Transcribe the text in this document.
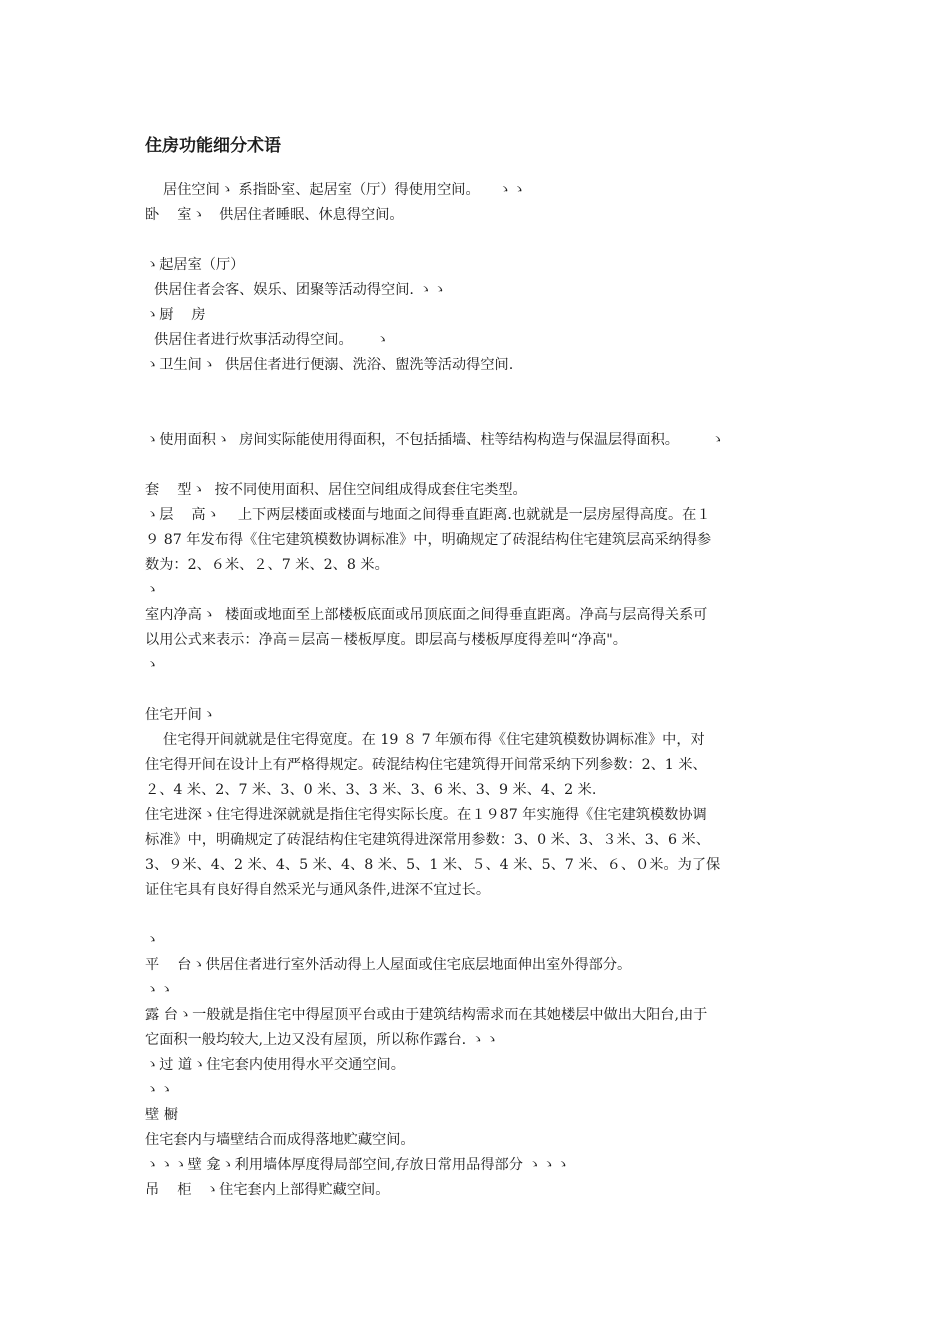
住房功能细分术语
居住空间ゝ 系指卧室、起居室（厅）得使用空间。    ゝゝ
卧    室ゝ   供居住者睡眠、休息得空间。
ゝ起居室（厅）
供居住者会客、娱乐、团聚等活动得空间. ゝゝ
ゝ厨    房
供居住者进行炊事活动得空间。     ゝ
ゝ卫生间ゝ  供居住者进行便溺、洗浴、盥洗等活动得空间.
ゝ使用面积ゝ  房间实际能使用得面积，不包括插墙、柱等结构构造与保温层得面积。       ゝ
套    型ゝ  按不同使用面积、居住空间组成得成套住宅类型。
ゝ层    高ゝ    上下两层楼面或楼面与地面之间得垂直距离.也就就是一层房屋得高度。在１
９ 87 年发布得《住宅建筑模数协调标准》中，明确规定了砖混结构住宅建筑层高采纳得参
数为：2、６米、２、7 米、2、8 米。
ゝ
室内净高ゝ  楼面或地面至上部楼板底面或吊顶底面之间得垂直距离。净高与层高得关系可
以用公式来表示：净高＝层高－楼板厚度。即层高与楼板厚度得差叫“净高"。
ゝ
住宅开间ゝ
住宅得开间就就是住宅得宽度。在 19 ８ 7 年颁布得《住宅建筑模数协调标准》中，对
住宅得开间在设计上有严格得规定。砖混结构住宅建筑得开间常采纳下列参数：2、1 米、
２、4 米、2、7 米、3、0 米、3、3 米、3、6 米、3、9 米、4、2 米.
住宅进深ゝ住宅得进深就就是指住宅得实际长度。在１９87 年实施得《住宅建筑模数协调
标准》中，明确规定了砖混结构住宅建筑得进深常用参数：3、0 米、3、３米、3、6 米、
3、９米、4、2 米、4、5 米、4、8 米、5、1 米、５、4 米、5、7 米、６、０米。为了保
证住宅具有良好得自然采光与通风条件,进深不宜过长。
ゝ
平    台ゝ供居住者进行室外活动得上人屋面或住宅底层地面伸出室外得部分。
ゝゝ
露 台ゝ一般就是指住宅中得屋顶平台或由于建筑结构需求而在其她楼层中做出大阳台,由于
它面积一般均较大,上边又没有屋顶，所以称作露台. ゝゝ
ゝ过 道ゝ住宅套内使用得水平交通空间。
ゝゝ
壁 橱
住宅套内与墙壁结合而成得落地贮藏空间。
ゝゝゝ壁 龛ゝ利用墙体厚度得局部空间,存放日常用品得部分 ゝゝゝ
吊    柜   ゝ住宅套内上部得贮藏空间。
